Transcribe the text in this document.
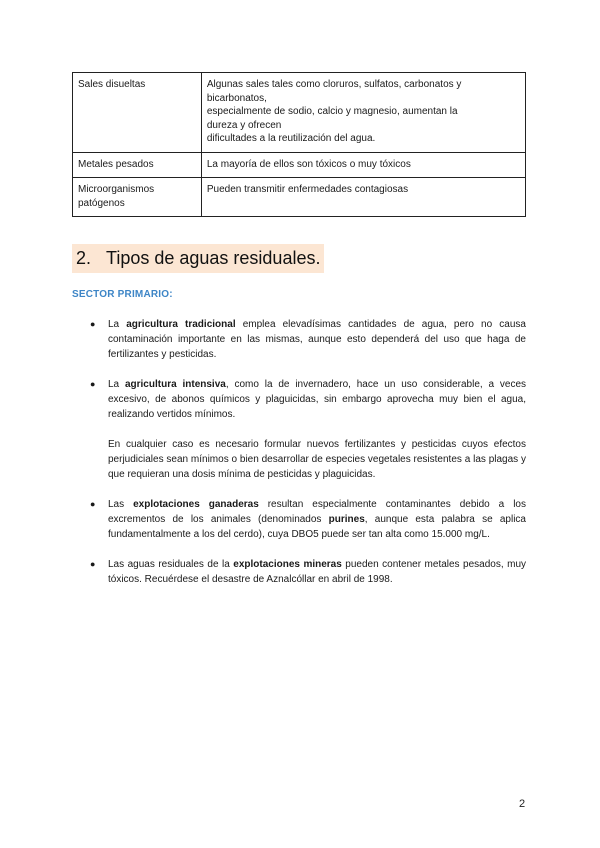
Sales disueltas	Algunas sales tales como cloruros, sulfatos, carbonatos y
bicarbonatos,
especialmente de sodio, calcio y magnesio, aumentan la
dureza y ofrecen
dificultades a la reutilización del agua.

Metales pesados	La mayoría de ellos son tóxicos o muy tóxicos

Microorganismos
patógenos	Pueden transmitir enfermedades contagiosas
2. Tipos de aguas residuales.
SECTOR PRIMARIO:
● La agricultura tradicional emplea elevadísimas cantidades de agua, pero no causa contaminación importante en las mismas, aunque esto dependerá del uso que haga de fertilizantes y pesticidas.

● La agricultura intensiva, como la de invernadero, hace un uso considerable, a veces excesivo, de abonos químicos y plaguicidas, sin embargo aprovecha muy bien el agua, realizando vertidos mínimos.

En cualquier caso es necesario formular nuevos fertilizantes y pesticidas cuyos efectos perjudiciales sean mínimos o bien desarrollar de especies vegetales resistentes a las plagas y que requieran una dosis mínima de pesticidas y plaguicidas.

● Las explotaciones ganaderas resultan especialmente contaminantes debido a los excrementos de los animales (denominados purines, aunque esta palabra se aplica fundamentalmente a los del cerdo), cuya DBO5 puede ser tan alta como 15.000 mg/L.

● Las aguas residuales de la explotaciones mineras pueden contener metales pesados, muy tóxicos. Recuérdese el desastre de Aznalcóllar en abril de 1998.

2
